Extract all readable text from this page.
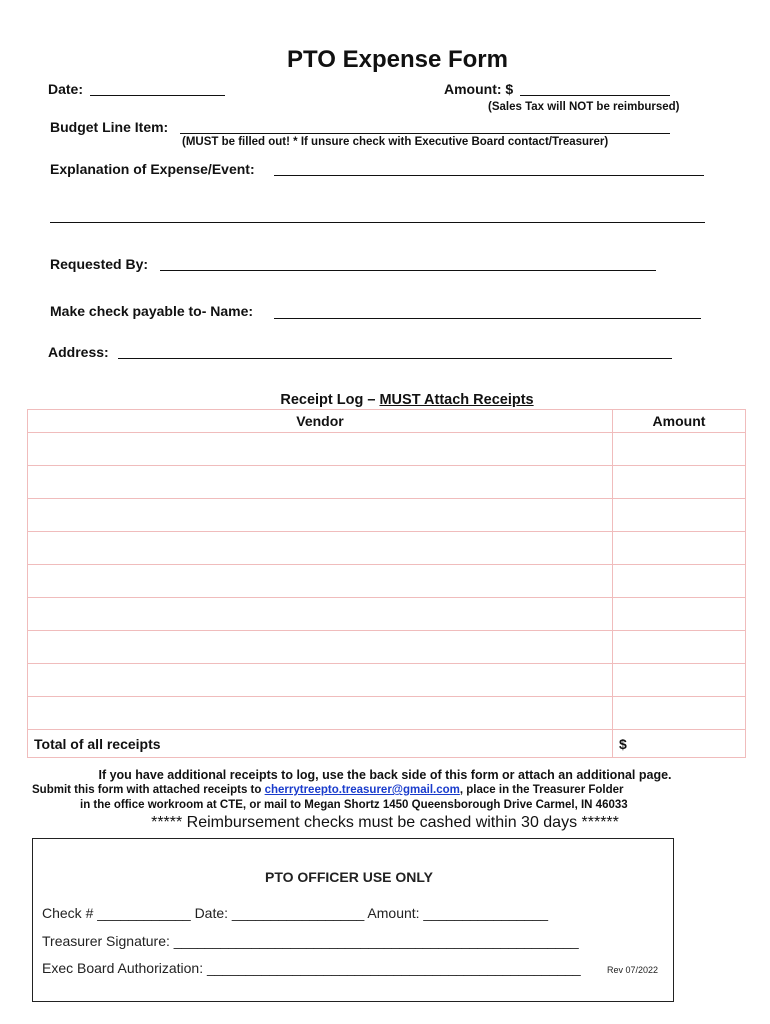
PTO Expense Form
Date:	Amount: $
(Sales Tax will NOT be reimbursed)
Budget Line Item:
(MUST be filled out! * If unsure check with Executive Board contact/Treasurer)
Explanation of Expense/Event:
Requested By:
Make check payable to- Name:
Address:
Receipt Log – MUST Attach Receipts
Vendor	Amount

Total of all receipts	$
If you have additional receipts to log, use the back side of this form or attach an additional page.
Submit this form with attached receipts to cherrytreepto.treasurer@gmail.com, place in the Treasurer Folder
in the office workroom at CTE, or mail to Megan Shortz 1450 Queensborough Drive Carmel, IN 46033
***** Reimbursement checks must be cashed within 30 days ******
PTO OFFICER USE ONLY
Check # ____________ Date: _________________ Amount: ________________
Treasurer Signature: ____________________________________________________
Exec Board Authorization: ________________________________________________	Rev 07/2022
